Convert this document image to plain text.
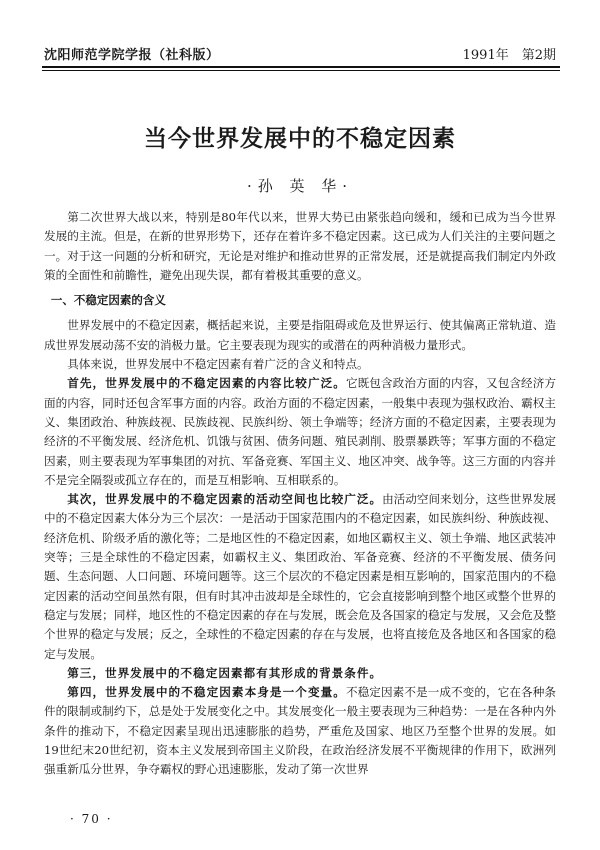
沈阳师范学院学报（社科版）	1991年　第2期
当今世界发展中的不稳定因素
·孙 英 华·

第二次世界大战以来，特别是80年代以来，世界大势已由紧张趋向缓和，缓和已成为当今世界发展的主流。但是，在新的世界形势下，还存在着许多不稳定因素。这已成为人们关注的主要问题之一。对于这一问题的分析和研究，无论是对维护和推动世界的正常发展，还是就提高我们制定内外政策的全面性和前瞻性，避免出现失误，都有着极其重要的意义。

一、不稳定因素的含义

世界发展中的不稳定因素，概括起来说，主要是指阻碍或危及世界运行、使其偏离正常轨道、造成世界发展动荡不安的消极力量。它主要表现为现实的或潜在的两种消极力量形式。

具体来说，世界发展中不稳定因素有着广泛的含义和特点。

首先，世界发展中的不稳定因素的内容比较广泛。它既包含政治方面的内容，又包含经济方面的内容，同时还包含军事方面的内容。政治方面的不稳定因素，一般集中表现为强权政治、霸权主义、集团政治、种族歧视、民族歧视、民族纠纷、领土争端等；经济方面的不稳定因素，主要表现为经济的不平衡发展、经济危机、饥饿与贫困、债务问题、殖民剥削、股票暴跌等；军事方面的不稳定因素，则主要表现为军事集团的对抗、军备竞赛、军国主义、地区冲突、战争等。这三方面的内容并不是完全隔裂或孤立存在的，而是互相影响、互相联系的。

其次，世界发展中的不稳定因素的活动空间也比较广泛。由活动空间来划分，这些世界发展中的不稳定因素大体分为三个层次：一是活动于国家范围内的不稳定因素，如民族纠纷、种族歧视、经济危机、阶级矛盾的激化等；二是地区性的不稳定因素，如地区霸权主义、领土争端、地区武装冲突等；三是全球性的不稳定因素，如霸权主义、集团政治、军备竞赛、经济的不平衡发展、债务问题、生态问题、人口问题、环境问题等。这三个层次的不稳定因素是相互影响的，国家范围内的不稳定因素的活动空间虽然有限，但有时其冲击波却是全球性的，它会直接影响到整个地区或整个世界的稳定与发展；同样，地区性的不稳定因素的存在与发展，既会危及各国家的稳定与发展，又会危及整个世界的稳定与发展；反之，全球性的不稳定因素的存在与发展，也将直接危及各地区和各国家的稳定与发展。

第三，世界发展中的不稳定因素都有其形成的背景条件。

第四，世界发展中的不稳定因素本身是一个变量。不稳定因素不是一成不变的，它在各种条件的限制或制约下，总是处于发展变化之中。其发展变化一般主要表现为三种趋势：一是在各种内外条件的推动下，不稳定因素呈现出迅速膨胀的趋势，严重危及国家、地区乃至整个世界的发展。如19世纪末20世纪初，资本主义发展到帝国主义阶段，在政治经济发展不平衡规律的作用下，欧洲列强重新瓜分世界，争夺霸权的野心迅速膨胀，发动了第一次世界

· 70 ·
